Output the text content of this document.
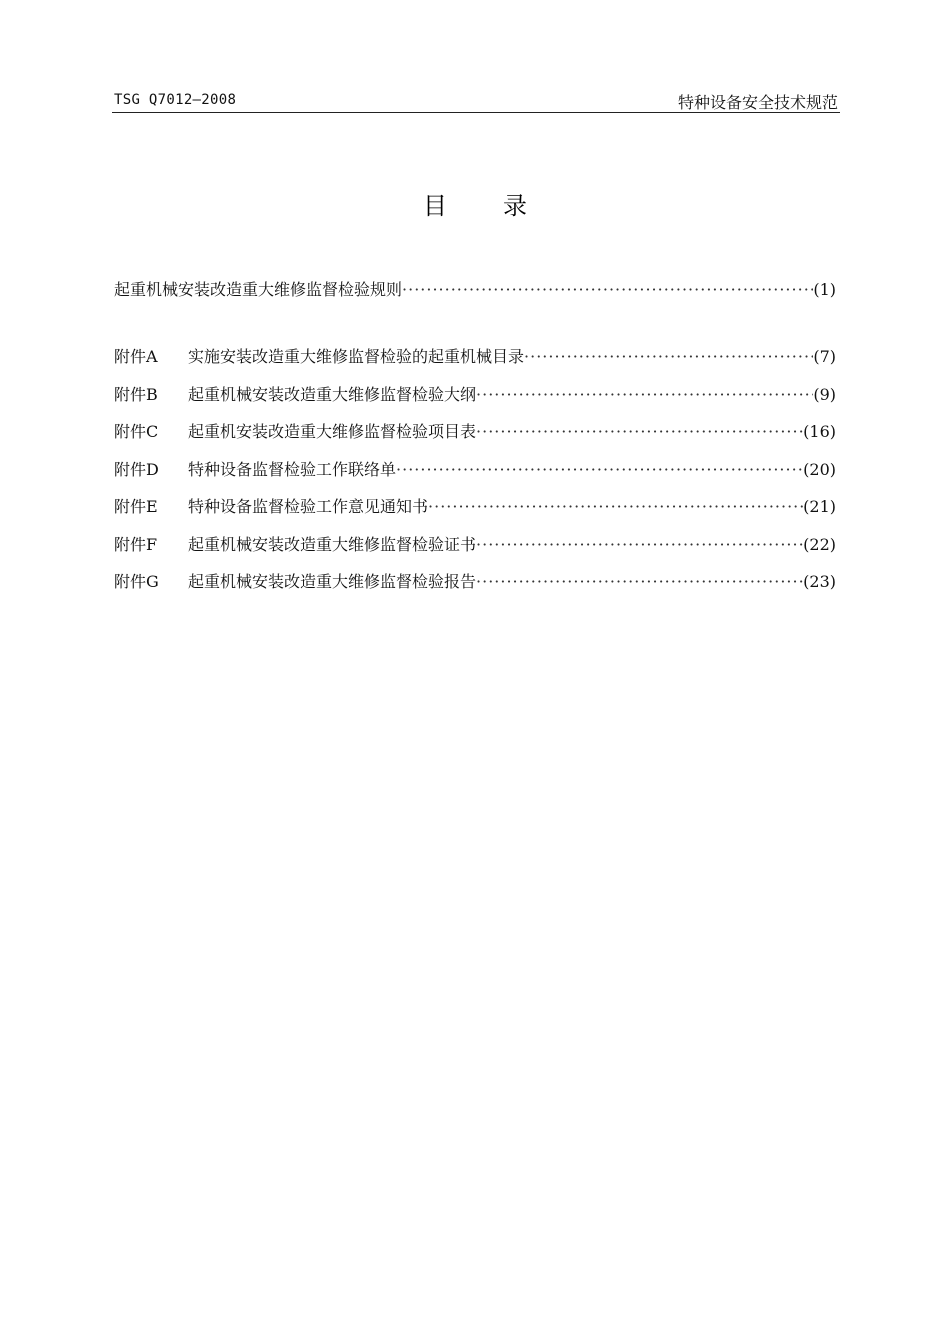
TSG Q7012—2008	特种设备安全技术规范
目 录
起重机械安装改造重大维修监督检验规则 ·····	(1)
附件A	实施安装改造重大维修监督检验的起重机械目录 ·····	(7)
附件B	起重机械安装改造重大维修监督检验大纲 ·····	(9)
附件C	起重机安装改造重大维修监督检验项目表 ·····	(16)
附件D	特种设备监督检验工作联络单 ·····	(20)
附件E	特种设备监督检验工作意见通知书 ·····	(21)
附件F	起重机械安装改造重大维修监督检验证书 ·····	(22)
附件G	起重机械安装改造重大维修监督检验报告 ·····	(23)
